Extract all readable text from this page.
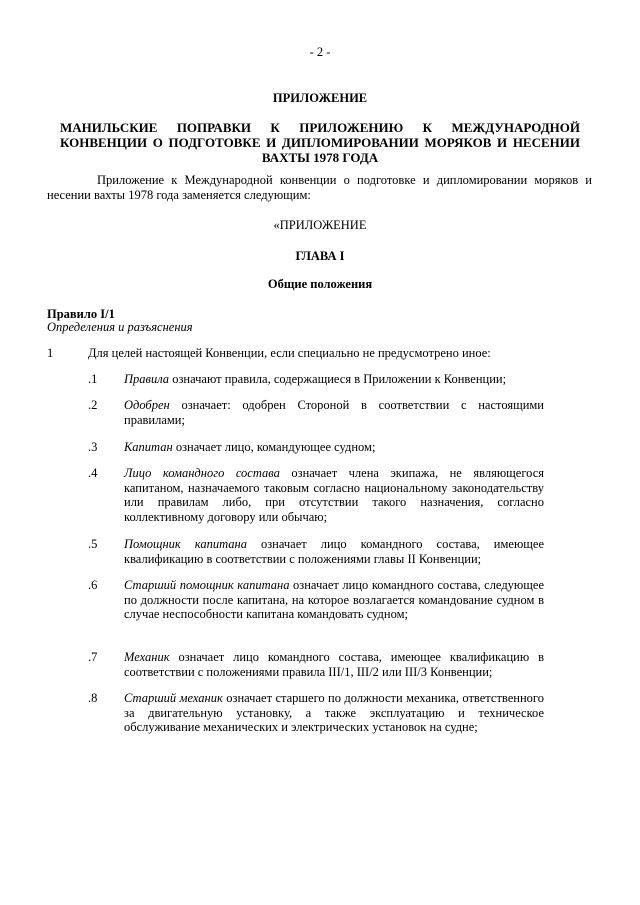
- 2 -
ПРИЛОЖЕНИЕ
МАНИЛЬСКИЕ ПОПРАВКИ К ПРИЛОЖЕНИЮ К МЕЖДУНАРОДНОЙ КОНВЕНЦИИ О ПОДГОТОВКЕ И ДИПЛОМИРОВАНИИ МОРЯКОВ И НЕСЕНИИ ВАХТЫ 1978 ГОДА
Приложение к Международной конвенции о подготовке и дипломировании моряков и несении вахты 1978 года заменяется следующим:
«ПРИЛОЖЕНИЕ
ГЛАВА I
Общие положения
Правило I/1
Определения и разъяснения
1	Для целей настоящей Конвенции, если специально не предусмотрено иное:
.1 Правила означают правила, содержащиеся в Приложении к Конвенции;
.2 Одобрен означает: одобрен Стороной в соответствии с настоящими правилами;
.3 Капитан означает лицо, командующее судном;
.4 Лицо командного состава означает члена экипажа, не являющегося капитаном, назначаемого таковым согласно национальному законодательству или правилам либо, при отсутствии такого назначения, согласно коллективному договору или обычаю;
.5 Помощник капитана означает лицо командного состава, имеющее квалификацию в соответствии с положениями главы II Конвенции;
.6 Старший помощник капитана означает лицо командного состава, следующее по должности после капитана, на которое возлагается командование судном в случае неспособности капитана командовать судном;
.7 Механик означает лицо командного состава, имеющее квалификацию в соответствии с положениями правила III/1, III/2 или III/3 Конвенции;
.8 Старший механик означает старшего по должности механика, ответственного за двигательную установку, а также эксплуатацию и техническое обслуживание механических и электрических установок на судне;
